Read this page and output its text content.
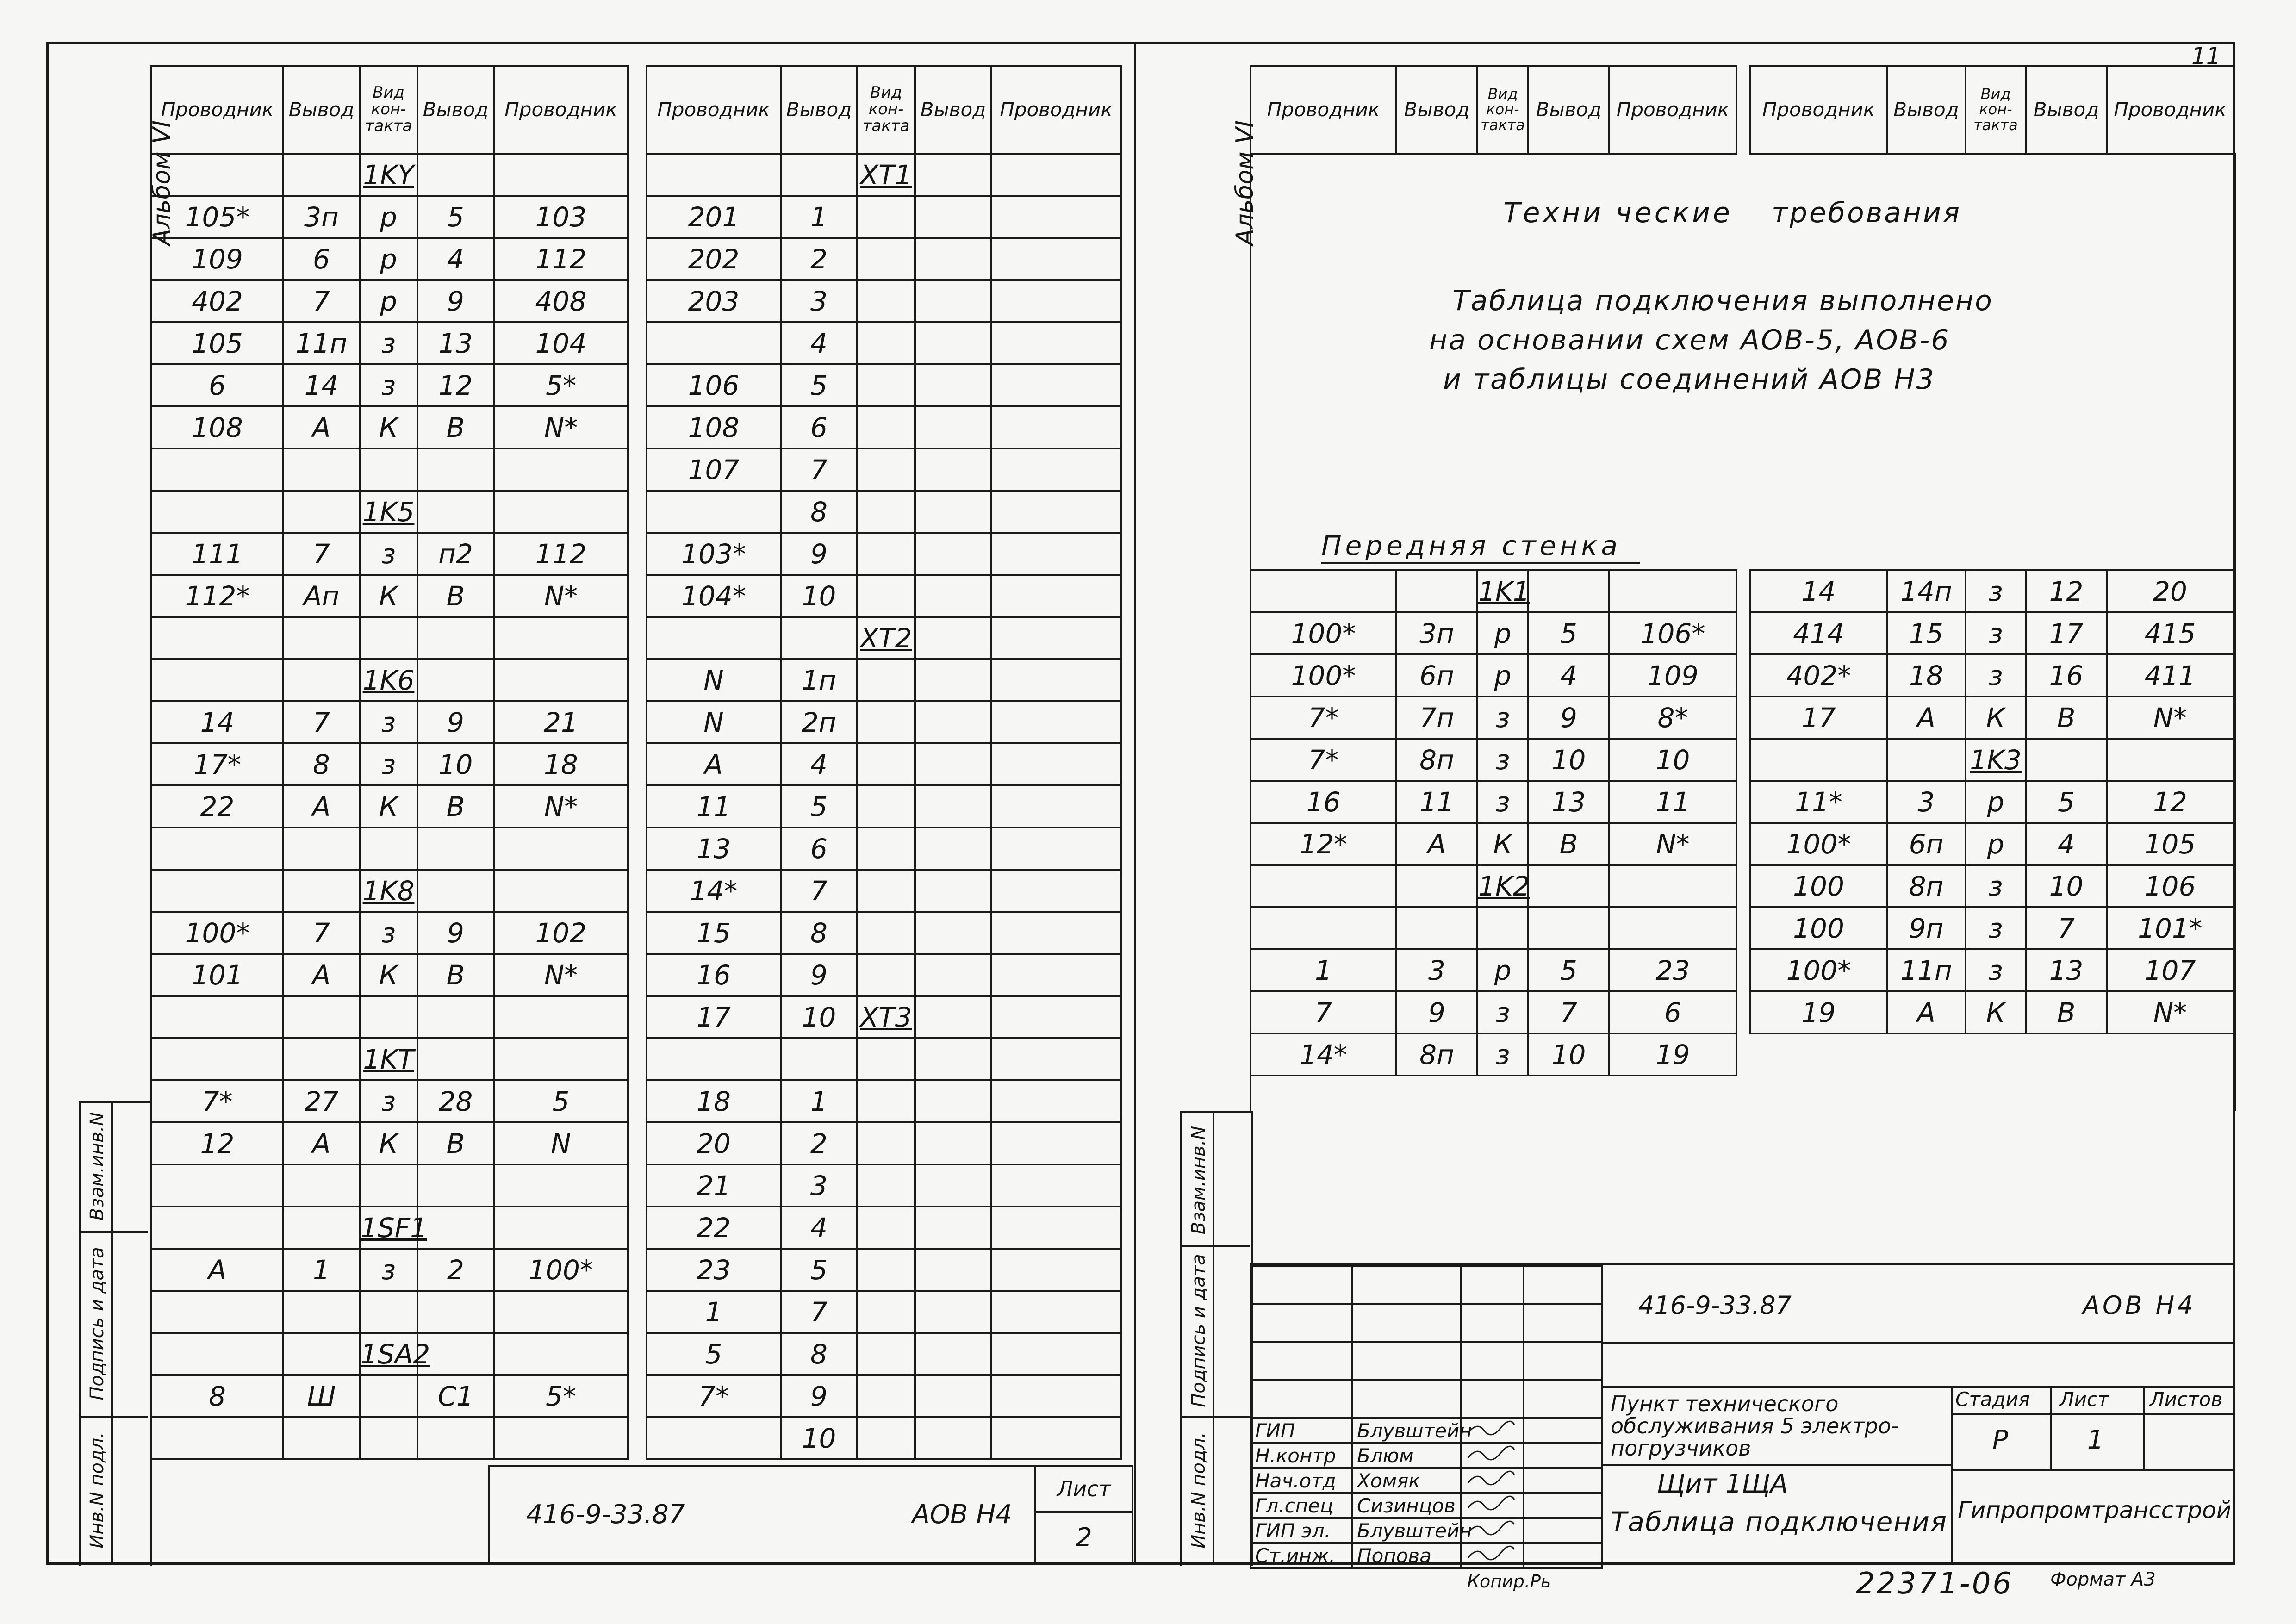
11
Альбом VI	Альбом VI
Взам.инв.N
Подпись и дата
Инв.N подл.
Взам.инв.N
Подпись и дата
Инв.N подл.
Проводник	Вывод	Вид кон- такта	Вывод	Проводник
		1KY		
105*	3п	р	5	103
109	6	р	4	112
402	7	р	9	408
105	11п	з	13	104
6	14	з	12	5*
108	А	К	В	N*

		1K5		
111	7	з	п2	112
112*	Ап	К	В	N*

		1K6		
14	7	з	9	21
17*	8	з	10	18
22	А	К	В	N*

		1K8		
100*	7	з	9	102
101	А	К	В	N*

		1KT		
7*	27	з	28	5
12	А	К	В	N

		1SF1		
А	1	з	2	100*

		1SA2		
8	Ш		С1	5*

Проводник	Вывод	Вид кон- такта	Вывод	Проводник
		XT1		
201	1			
202	2			
203	3			
	4			
106	5			
108	6			
107	7			
	8			
103*	9			
104*	10			
		XT2		
N	1п			
N	2п			
А	4			
11	5			
13	6			
14*	7			
15	8			
16	9			
17	10	XT3		

18	1			
20	2			
21	3			
22	4			
23	5			
1	7			
5	8			
7*	9			
	10			
416-9-33.87	АОВ Н4
	Лист
2
Проводник	Вывод	Вид кон- такта	Вывод	Проводник Проводник	Вывод	Вид кон- такта	Вывод	Проводник
Техни ческие требования
Таблица подключения выполнено
на основании схем АОВ-5, АОВ-6
и таблицы соединений АОВ Н3
Передняя стенка
		1K1		
100*	3п	р	5	106*
100*	6п	р	4	109
7*	7п	з	9	8*
7*	8п	з	10	10
16	11	з	13	11
12*	А	К	В	N*
		1K2		

1	3	р	5	23
7	9	з	7	6
14*	8п	з	10	19
14	14п	з	12	20
414	15	з	17	415
402*	18	з	16	411
17	А	К	В	N*
		1K3		
11*	3	р	5	12
100*	6п	р	4	105
100	8п	з	10	106
100	9п	з	7	101*
100*	11п	з	13	107
19	А	К	В	N*

ГИП	Блувштейн		
Н.контр	Блюм		
Нач.отд	Хомяк		
Гл.спец	Сизинцов		
ГИП эл.	Блувштейн		
Ст.инж.	Попова		
416-9-33.87	АОВ Н4
Пункт технического обслуживания 5 электро- погрузчиков
Щит 1ЩА
Таблица подключения
Стадия Лист Листов
Р	1
Гипропромтрансстрой
Копир.Рь	22371-06 Формат А3
